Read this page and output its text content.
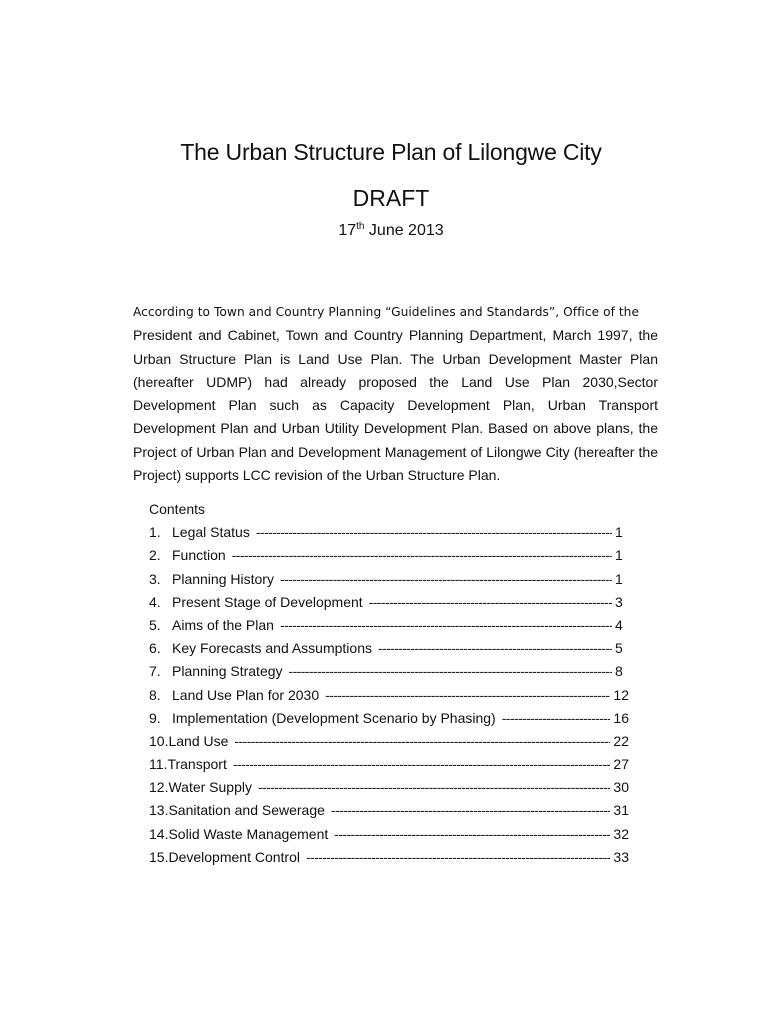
The Urban Structure Plan of Lilongwe City
DRAFT
17th June 2013

According to Town and Country Planning “Guidelines and Standards”, Office of the
President and Cabinet, Town and Country Planning Department, March 1997, the Urban Structure Plan is Land Use Plan. The Urban Development Master Plan (hereafter UDMP) had already proposed the Land Use Plan 2030,Sector Development Plan such as Capacity Development Plan, Urban Transport Development Plan and Urban Utility Development Plan. Based on above plans, the Project of Urban Plan and Development Management of Lilongwe City (hereafter the Project) supports LCC revision of the Urban Structure Plan.

Contents
1. Legal Status -----	1
2. Function -----	1
3. Planning History -----	1
4. Present Stage of Development -----	3
5. Aims of the Plan -----	4
6. Key Forecasts and Assumptions -----	5
7. Planning Strategy -----	8
8. Land Use Plan for 2030 -----	12
9. Implementation (Development Scenario by Phasing) -----	16
10. Land Use -----	22
11. Transport -----	27
12. Water Supply -----	30
13. Sanitation and Sewerage -----	31
14. Solid Waste Management -----	32
15. Development Control -----	33
